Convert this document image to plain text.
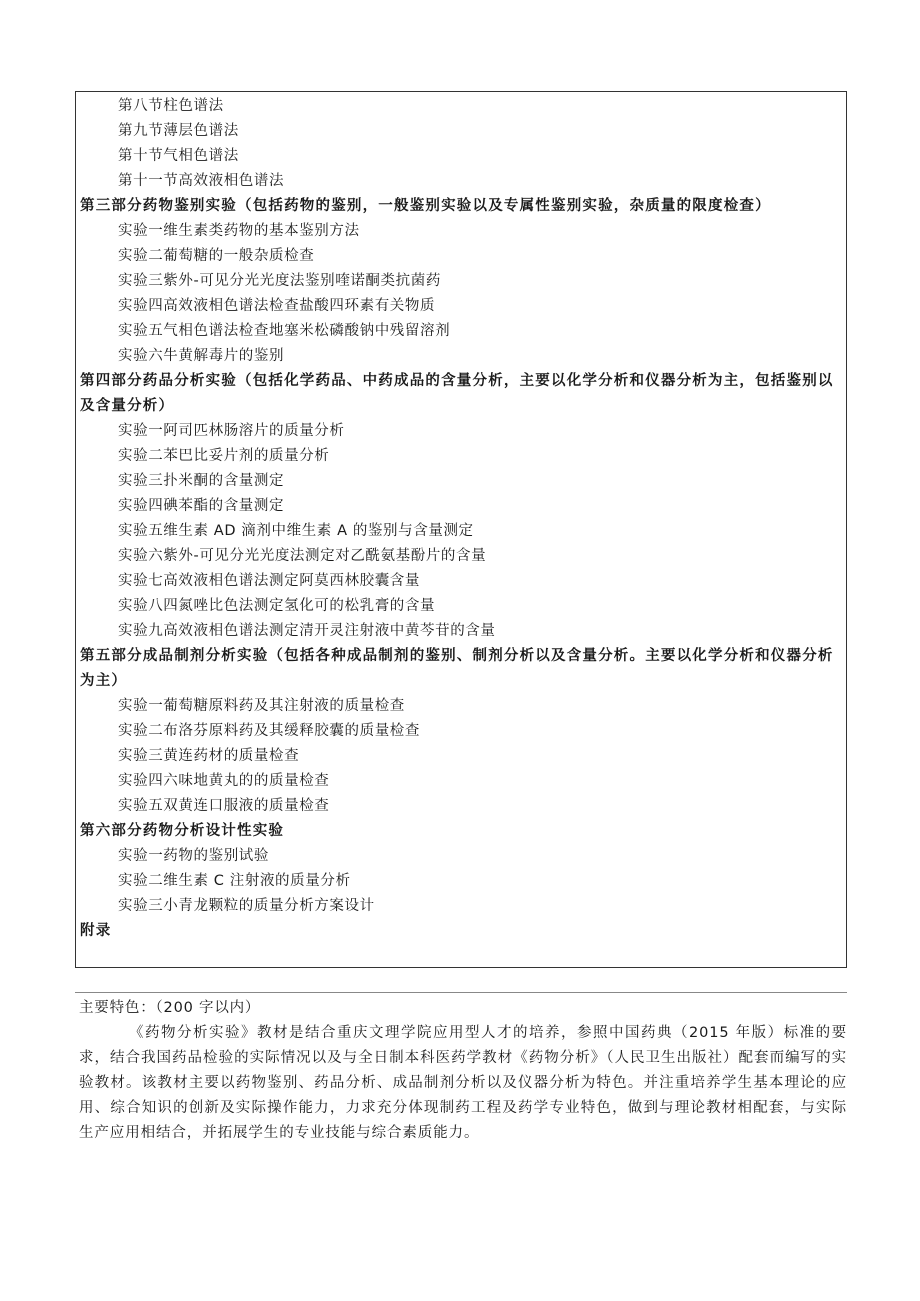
第八节柱色谱法
第九节薄层色谱法
第十节气相色谱法
第十一节高效液相色谱法
第三部分药物鉴别实验（包括药物的鉴别，一般鉴别实验以及专属性鉴别实验，杂质量的限度检查）
实验一维生素类药物的基本鉴别方法
实验二葡萄糖的一般杂质检查
实验三紫外-可见分光光度法鉴别喹诺酮类抗菌药
实验四高效液相色谱法检查盐酸四环素有关物质
实验五气相色谱法检查地塞米松磷酸钠中残留溶剂
实验六牛黄解毒片的鉴别
第四部分药品分析实验（包括化学药品、中药成品的含量分析，主要以化学分析和仪器分析为主，包括鉴别以及含量分析）
实验一阿司匹林肠溶片的质量分析
实验二苯巴比妥片剂的质量分析
实验三扑米酮的含量测定
实验四碘苯酯的含量测定
实验五维生素 AD 滴剂中维生素 A 的鉴别与含量测定
实验六紫外-可见分光光度法测定对乙酰氨基酚片的含量
实验七高效液相色谱法测定阿莫西林胶囊含量
实验八四氮唑比色法测定氢化可的松乳膏的含量
实验九高效液相色谱法测定清开灵注射液中黄芩苷的含量
第五部分成品制剂分析实验（包括各种成品制剂的鉴别、制剂分析以及含量分析。主要以化学分析和仪器分析为主）
实验一葡萄糖原料药及其注射液的质量检查
实验二布洛芬原料药及其缓释胶囊的质量检查
实验三黄连药材的质量检查
实验四六味地黄丸的的质量检查
实验五双黄连口服液的质量检查
第六部分药物分析设计性实验
实验一药物的鉴别试验
实验二维生素 C 注射液的质量分析
实验三小青龙颗粒的质量分析方案设计
附录
主要特色：（200 字以内）

《药物分析实验》教材是结合重庆文理学院应用型人才的培养，参照中国药典（2015 年版）标准的要求，结合我国药品检验的实际情况以及与全日制本科医药学教材《药物分析》（人民卫生出版社）配套而编写的实验教材。该教材主要以药物鉴别、药品分析、成品制剂分析以及仪器分析为特色。并注重培养学生基本理论的应用、综合知识的创新及实际操作能力，力求充分体现制药工程及药学专业特色，做到与理论教材相配套，与实际生产应用相结合，并拓展学生的专业技能与综合素质能力。
